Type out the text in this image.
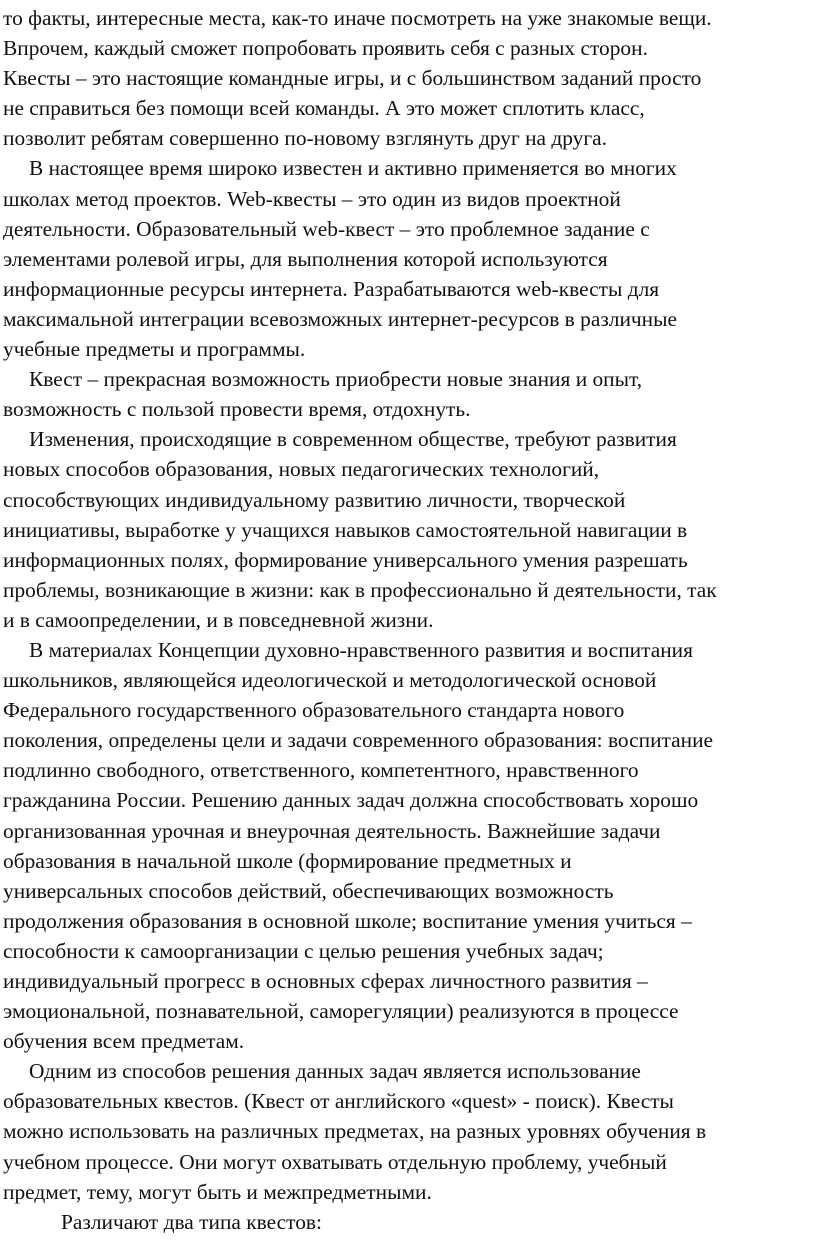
то факты, интересные места, как-то иначе посмотреть на уже знакомые вещи.
Впрочем, каждый сможет попробовать проявить себя с разных сторон.
Квесты – это настоящие командные игры, и с большинством заданий просто
не справиться без помощи всей команды. А это может сплотить класс,
позволит ребятам совершенно по-новому взглянуть друг на друга.
В настоящее время широко известен и активно применяется во многих
школах метод проектов. Web-квесты – это один из видов проектной
деятельности. Образовательный web-квест – это проблемное задание с
элементами ролевой игры, для выполнения которой используются
информационные ресурсы интернета. Разрабатываются web-квесты для
максимальной интеграции всевозможных интернет-ресурсов в различные
учебные предметы и программы.
Квест – прекрасная возможность приобрести новые знания и опыт,
возможность с пользой провести время, отдохнуть.
Изменения, происходящие в современном обществе, требуют развития
новых способов образования, новых педагогических технологий,
способствующих индивидуальному развитию личности, творческой
инициативы, выработке у учащихся навыков самостоятельной навигации в
информационных полях, формирование универсального умения разрешать
проблемы, возникающие в жизни: как в профессионально й деятельности, так
и в самоопределении, и в повседневной жизни.
В материалах Концепции духовно-нравственного развития и воспитания
школьников, являющейся идеологической и методологической основой
Федерального государственного образовательного стандарта нового
поколения, определены цели и задачи современного образования: воспитание
подлинно свободного, ответственного, компетентного, нравственного
гражданина России. Решению данных задач должна способствовать хорошо
организованная урочная и внеурочная деятельность. Важнейшие задачи
образования в начальной школе (формирование предметных и
универсальных способов действий, обеспечивающих возможность
продолжения образования в основной школе; воспитание умения учиться –
способности к самоорганизации с целью решения учебных задач;
индивидуальный прогресс в основных сферах личностного развития –
эмоциональной, познавательной, саморегуляции) реализуются в процессе
обучения всем предметам.
Одним из способов решения данных задач является использование
образовательных квестов. (Квест от английского «quest» - поиск). Квесты
можно использовать на различных предметах, на разных уровнях обучения в
учебном процессе. Они могут охватывать отдельную проблему, учебный
предмет, тему, могут быть и межпредметными.
Различают два типа квестов:
